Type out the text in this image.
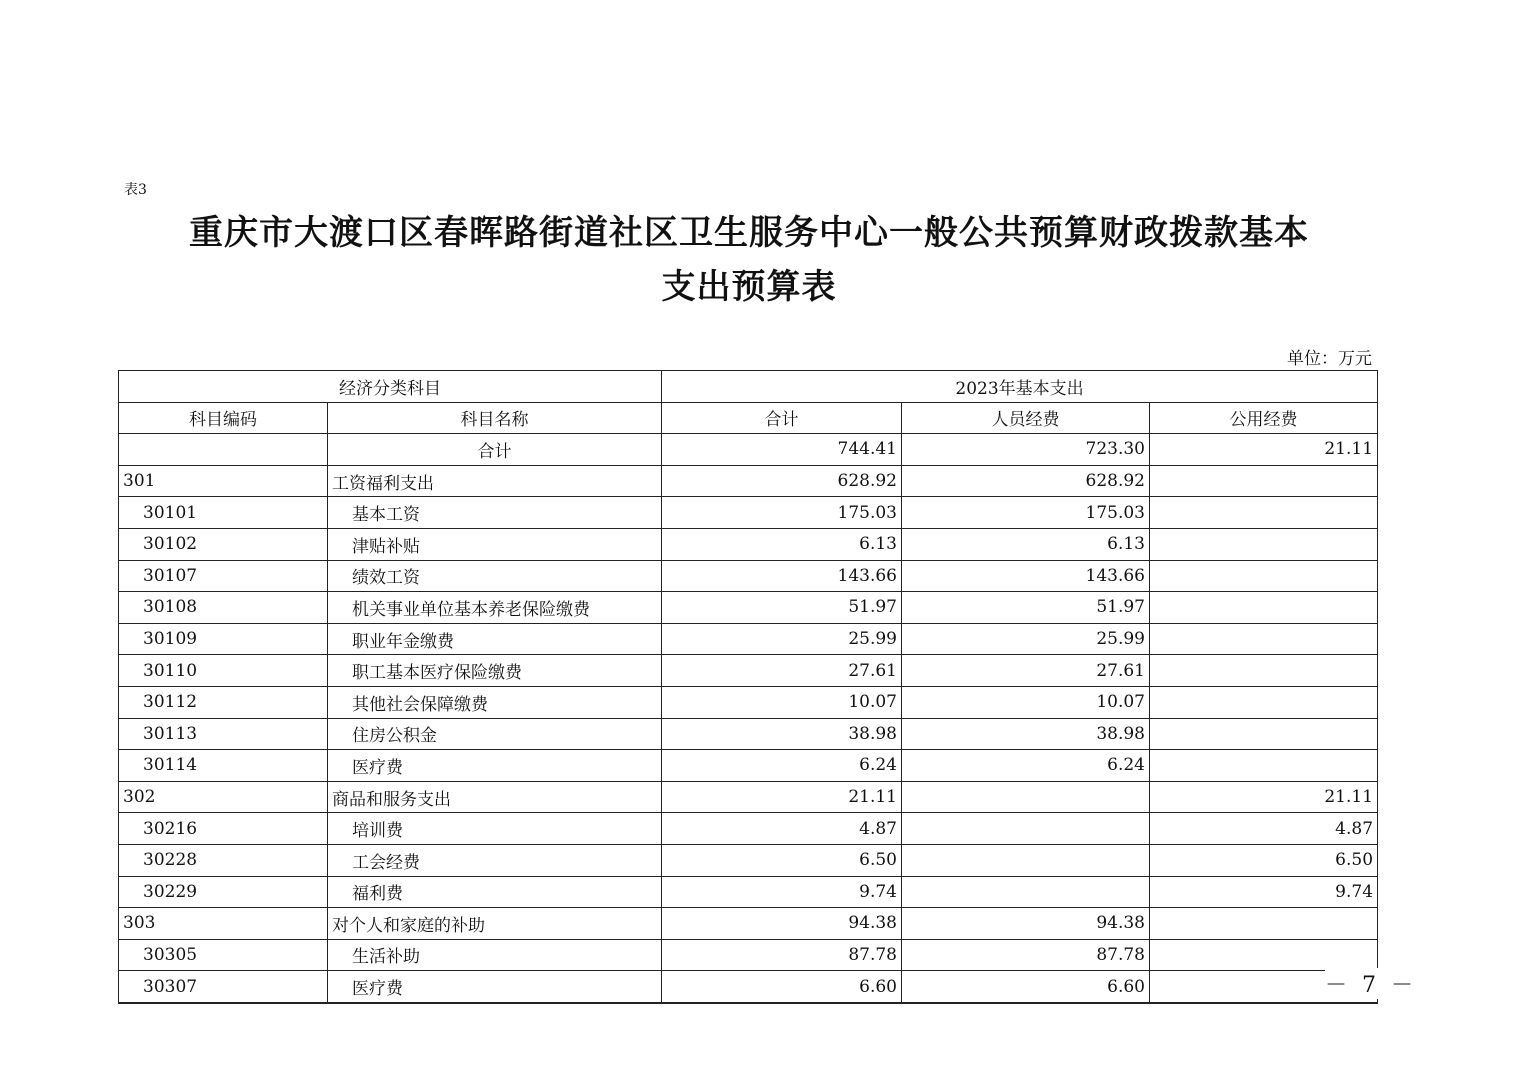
表3
重庆市大渡口区春晖路街道社区卫生服务中心一般公共预算财政拨款基本
支出预算表
单位：万元
经济分类科目		2023年基本支出		
科目编码	科目名称	合计	人员经费	公用经费
	合计	744.41	723.30	21.11
301	工资福利支出	628.92	628.92	
30101	基本工资	175.03	175.03	
30102	津贴补贴	6.13	6.13	
30107	绩效工资	143.66	143.66	
30108	机关事业单位基本养老保险缴费	51.97	51.97	
30109	职业年金缴费	25.99	25.99	
30110	职工基本医疗保险缴费	27.61	27.61	
30112	其他社会保障缴费	10.07	10.07	
30113	住房公积金	38.98	38.98	
30114	医疗费	6.24	6.24	
302	商品和服务支出	21.11		21.11
30216	培训费	4.87		4.87
30228	工会经费	6.50		6.50
30229	福利费	9.74		9.74
303	对个人和家庭的补助	94.38	94.38	
30305	生活补助	87.78	87.78	
30307	医疗费	6.60	6.60		－ 7 －
